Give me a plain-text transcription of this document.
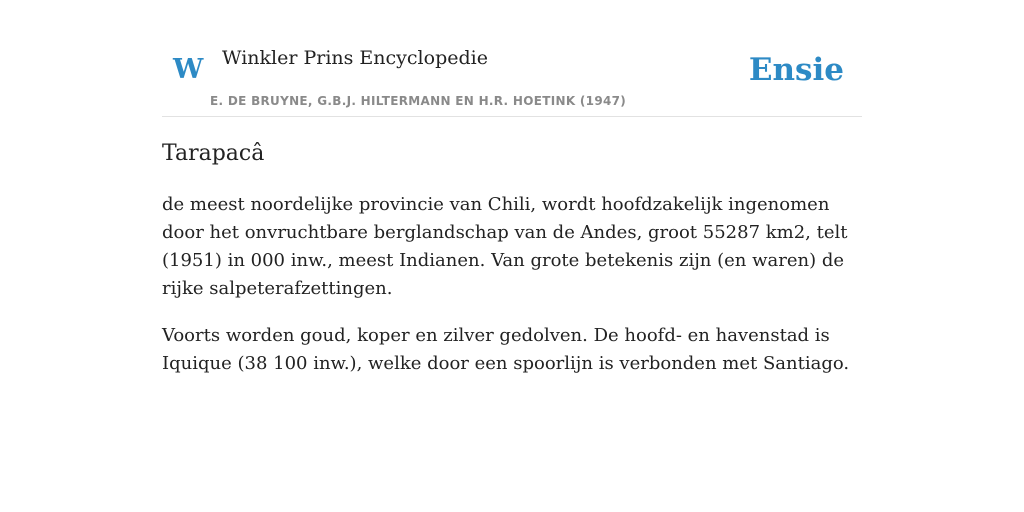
W Winkler Prins Encyclopedie
E. DE BRUYNE, G.B.J. HILTERMANN EN H.R. HOETINK (1947)
Ensie
Tarapacâ

de meest noordelijke provincie van Chili, wordt hoofdzakelijk ingenomen door het onvruchtbare berglandschap van de Andes, groot 55287 km2, telt (1951) in 000 inw., meest Indianen. Van grote betekenis zijn (en waren) de rijke salpeterafzettingen.

Voorts worden goud, koper en zilver gedolven. De hoofd- en havenstad is Iquique (38 100 inw.), welke door een spoorlijn is verbonden met Santiago.
